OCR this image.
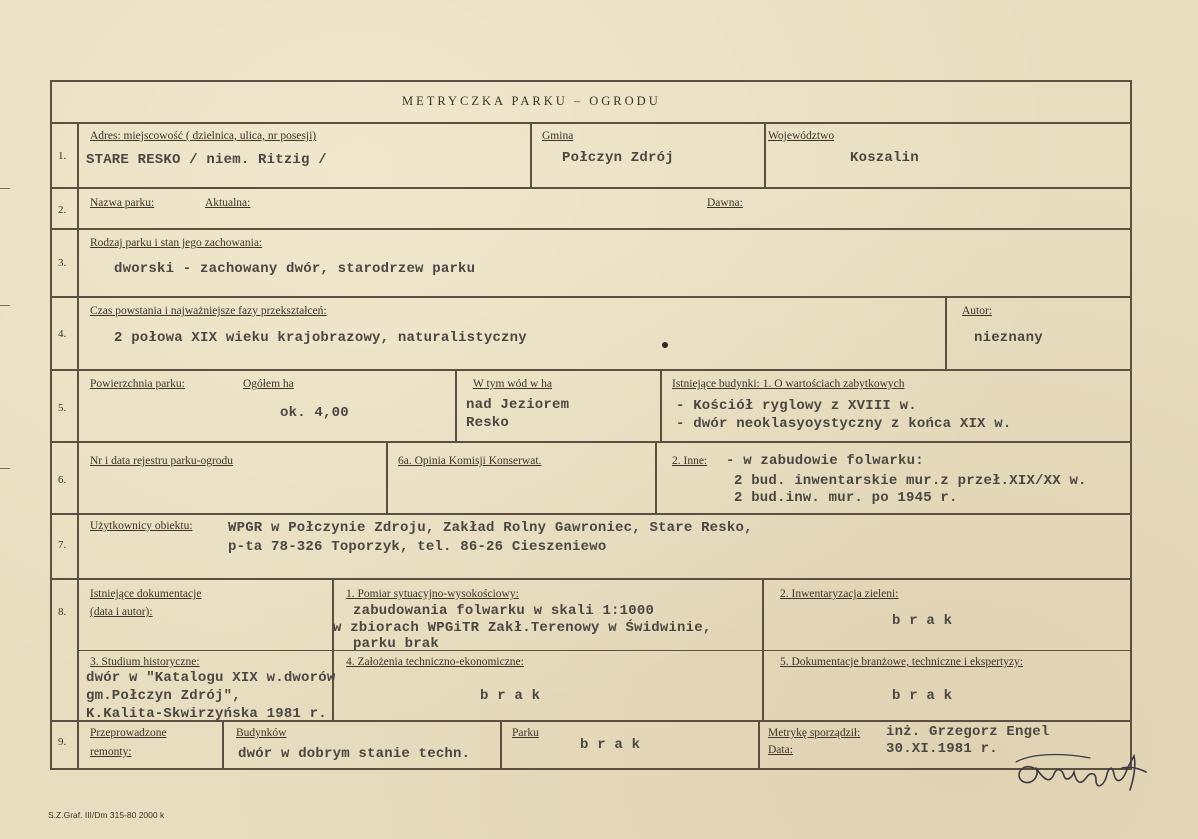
METRYCZKA PARKU – OGRODU
1.
Adres: miejscowość ( dzielnica, ulica, nr posesji)
STARE RESKO / niem. Ritzig /
Gmina
Połczyn Zdrój
Województwo
Koszalin
2.
Nazwa parku:	Aktualna:	Dawna:
3.
Rodzaj parku i stan jego zachowania:
dworski - zachowany dwór, starodrzew parku
4.
Czas powstania i najważniejsze fazy przekształceń:
2 połowa XIX wieku krajobrazowy, naturalistyczny
Autor:
nieznany
5.
Powierzchnia parku:	Ogółem ha
ok. 4,00
W tym wód w ha
nad Jeziorem
Resko
Istniejące budynki: 1. O wartościach zabytkowych
- Kościół ryglowy z XVIII w.
- dwór neoklasyoystyczny z końca XIX w.
6.
Nr i data rejestru parku-ogrodu	6a. Opinia Komisji Konserwat.	2. Inne: - w zabudowie folwarku:
2 bud. inwentarskie mur.z przeł.XIX/XX w.
2 bud.inw. mur. po 1945 r.
7.
Użytkownicy obiektu:	WPGR w Połczynie Zdroju, Zakład Rolny Gawroniec, Stare Resko,
p-ta 78-326 Toporzyk, tel. 86-26 Cieszeniewo
8.
Istniejące dokumentacje
(data i autor):
1. Pomiar sytuacyjno-wysokościowy:
zabudowania folwarku w skali 1:1000
w zbiorach WPGiTR Zakł.Terenowy w Świdwinie,
parku brak
2. Inwentaryzacja zieleni:
b r a k
3. Studium historyczne:
dwór w "Katalogu XIX w.dworów
gm.Połczyn Zdrój",
K.Kalita-Skwirzyńska 1981 r.
4. Założenia techniczno-ekonomiczne:
b r a k
5. Dokumentacje branżowe, techniczne i ekspertyzy:
b r a k
9.
Przeprowadzone
remonty:
Budynków
dwór w dobrym stanie techn.
Parku
b r a k
Metrykę sporządził: inż. Grzegorz Engel
Data:	30.XI.1981 r.
S.Z.Graf. III/Dm 315-80 2000 k
